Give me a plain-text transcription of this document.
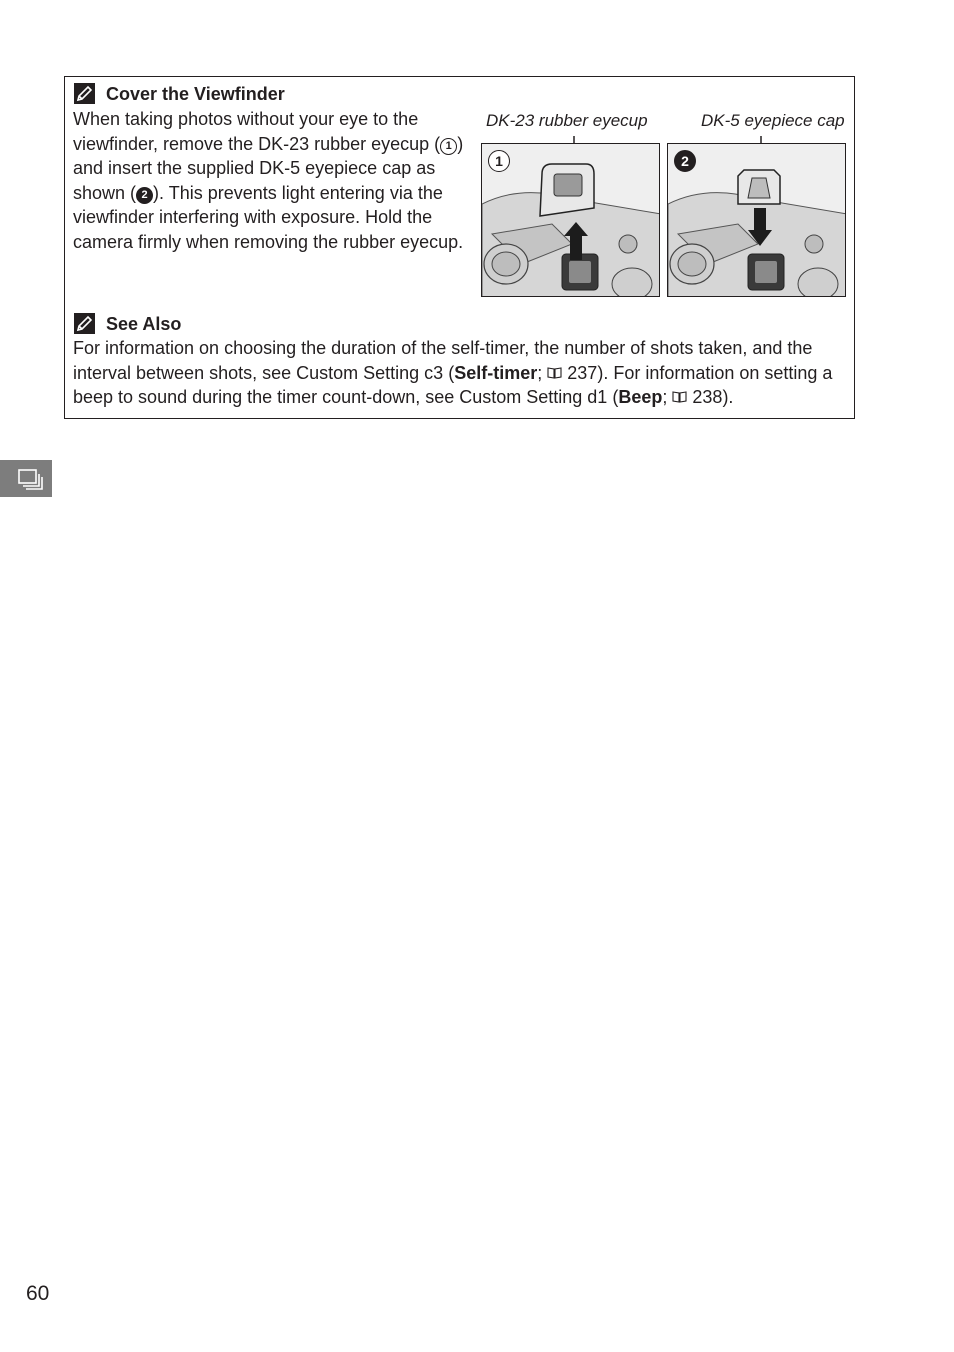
Cover the Viewfinder
When taking photos without your eye to the viewfinder, remove the DK-23 rubber eyecup ( 1 ) and insert the supplied DK-5 eyepiece cap as shown ( 2 ). This prevents light entering via the viewfinder interfering with exposure. Hold the camera firmly when removing the rubber eyecup.
DK-23 rubber eyecup	DK-5 eyepiece cap
1	2
See Also
For information on choosing the duration of the self-timer, the number of shots taken, and the interval between shots, see Custom Setting c3 (Self-timer; 237). For information on setting a beep to sound during the timer count-down, see Custom Setting d1 (Beep; 238).
60
